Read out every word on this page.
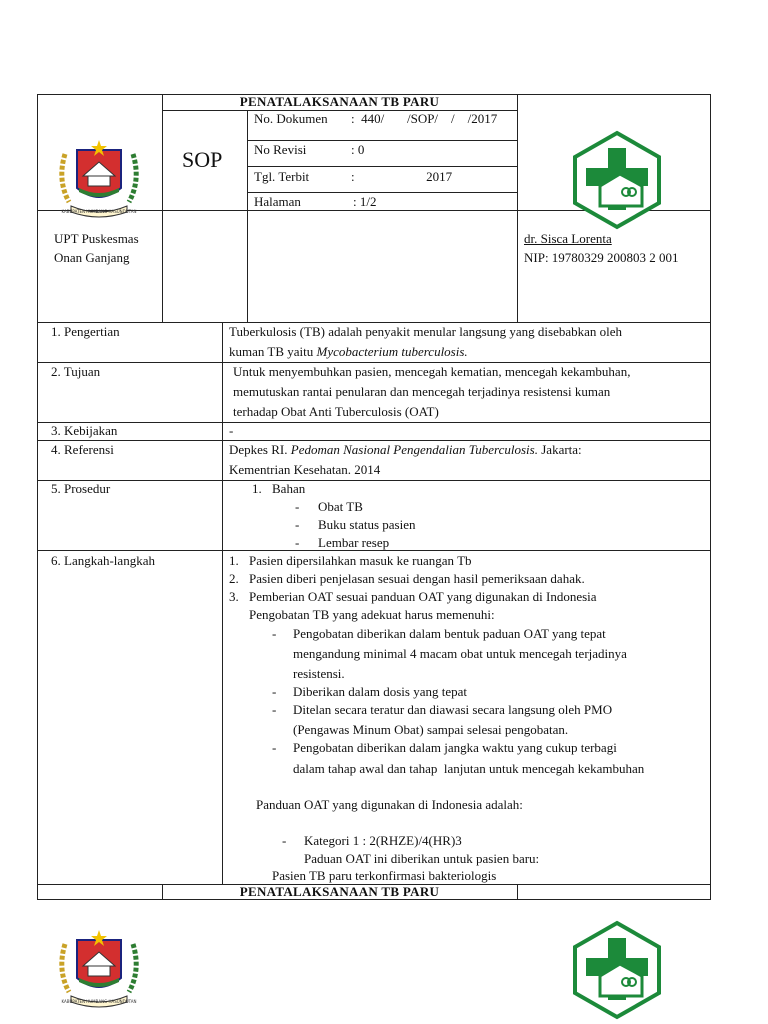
PENATALAKSANAAN TB PARU
SOP
No. Dokumen :  440/       /SOP/    /    /2017
No Revisi	: 0
Tgl. Terbit	:                      2017
Halaman	: 1/2
UPT Puskesmas
Onan Ganjang
dr. Sisca Lorenta
NIP: 19780329 200803 2 001
KABUPATEN HUMBANG HASUNDUTAN
1. Pengertian	Tuberkulosis (TB) adalah penyakit menular langsung yang disebabkan oleh
kuman TB yaitu Mycobacterium tuberculosis.
2. Tujuan	Untuk menyembuhkan pasien, mencegah kematian, mencegah kekambuhan,
memutuskan rantai penularan dan mencegah terjadinya resistensi kuman
terhadap Obat Anti Tuberculosis (OAT)
3. Kebijakan	-
4. Referensi	Depkes RI. Pedoman Nasional Pengendalian Tuberculosis. Jakarta:
Kementrian Kesehatan. 2014
5. Prosedur	1. Bahan
- Obat TB
- Buku status pasien
- Lembar resep
6. Langkah-langkah	1. Pasien dipersilahkan masuk ke ruangan Tb
2. Pasien diberi penjelasan sesuai dengan hasil pemeriksaan dahak.
3. Pemberian OAT sesuai panduan OAT yang digunakan di Indonesia
Pengobatan TB yang adekuat harus memenuhi:
- Pengobatan diberikan dalam bentuk paduan OAT yang tepat
mengandung minimal 4 macam obat untuk mencegah terjadinya
resistensi.
- Diberikan dalam dosis yang tepat
- Ditelan secara teratur dan diawasi secara langsung oleh PMO
(Pengawas Minum Obat) sampai selesai pengobatan.
- Pengobatan diberikan dalam jangka waktu yang cukup terbagi
dalam tahap awal dan tahap  lanjutan untuk mencegah kekambuhan
Panduan OAT yang digunakan di Indonesia adalah:
- Kategori 1 : 2(RHZE)/4(HR)3
Paduan OAT ini diberikan untuk pasien baru:
Pasien TB paru terkonfirmasi bakteriologis
PENATALAKSANAAN TB PARU
KABUPATEN HUMBANG HASUNDUTAN
